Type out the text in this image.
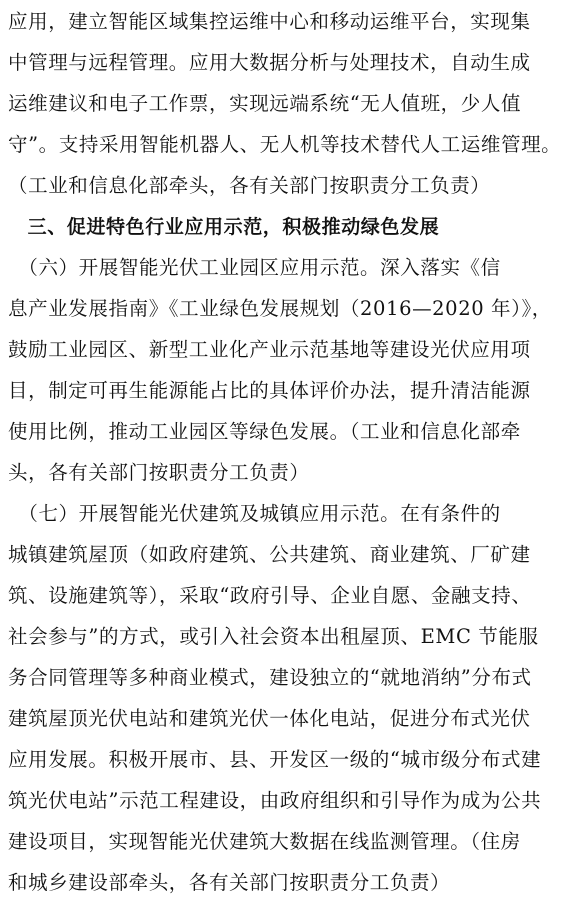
应用，建立智能区域集控运维中心和移动运维平台，实现集
中管理与远程管理。应用大数据分析与处理技术，自动生成
运维建议和电子工作票，实现远端系统“无人值班，少人值
守”。支持采用智能机器人、无人机等技术替代人工运维管理。
（工业和信息化部牵头，各有关部门按职责分工负责）
　三、促进特色行业应用示范，积极推动绿色发展
　（六）开展智能光伏工业园区应用示范。深入落实《信
息产业发展指南》《工业绿色发展规划（2016—2020 年）》，
鼓励工业园区、新型工业化产业示范基地等建设光伏应用项
目，制定可再生能源能占比的具体评价办法，提升清洁能源
使用比例，推动工业园区等绿色发展。（工业和信息化部牵
头，各有关部门按职责分工负责）
　（七）开展智能光伏建筑及城镇应用示范。在有条件的
城镇建筑屋顶（如政府建筑、公共建筑、商业建筑、厂矿建
筑、设施建筑等），采取“政府引导、企业自愿、金融支持、
社会参与”的方式，或引入社会资本出租屋顶、EMC 节能服
务合同管理等多种商业模式，建设独立的“就地消纳”分布式
建筑屋顶光伏电站和建筑光伏一体化电站，促进分布式光伏
应用发展。积极开展市、县、开发区一级的“城市级分布式建
筑光伏电站”示范工程建设，由政府组织和引导作为成为公共
建设项目，实现智能光伏建筑大数据在线监测管理。（住房
和城乡建设部牵头，各有关部门按职责分工负责）
